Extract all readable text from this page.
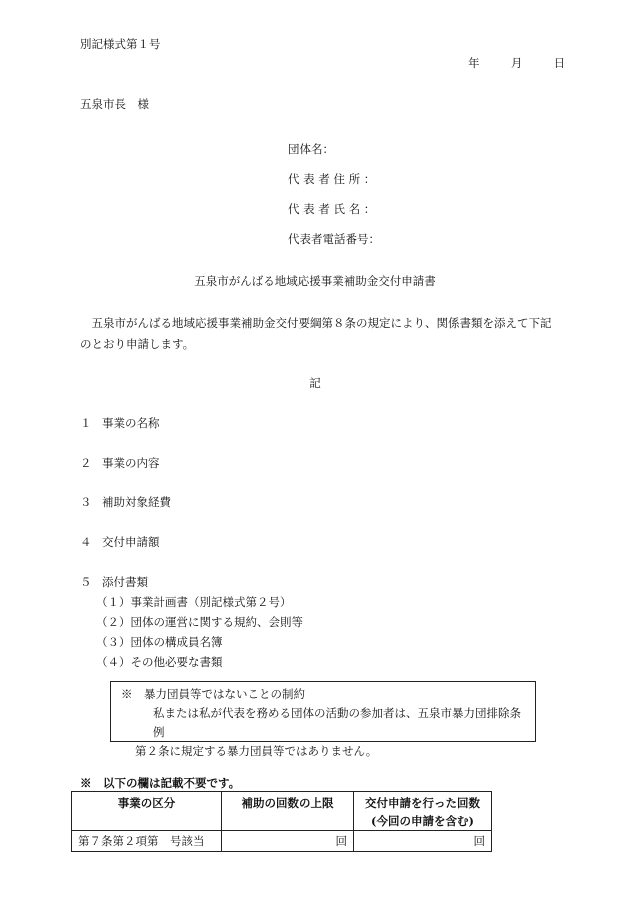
別記様式第１号
年	月	日
五泉市長　様
団体名：
代 表 者 住 所 ：
代 表 者 氏 名 ：
代表者電話番号：
五泉市がんばる地域応援事業補助金交付申請書
五泉市がんばる地域応援事業補助金交付要綱第８条の規定により、関係書類を添えて下記のとおり申請します。
記
１ 事業の名称
２ 事業の内容
３ 補助対象経費
４ 交付申請額
５ 添付書類
（１）事業計画書（別記様式第２号）
（２）団体の運営に関する規約、会則等
（３）団体の構成員名簿
（４）その他必要な書類
※　暴力団員等ではないことの制約
私または私が代表を務める団体の活動の参加者は、五泉市暴力団排除条例
第２条に規定する暴力団員等ではありません。
※　以下の欄は記載不要です。
事業の区分	補助の回数の上限	交付申請を行った回数
(今回の申請を含む)

第７条第２項第　号該当	回	回
